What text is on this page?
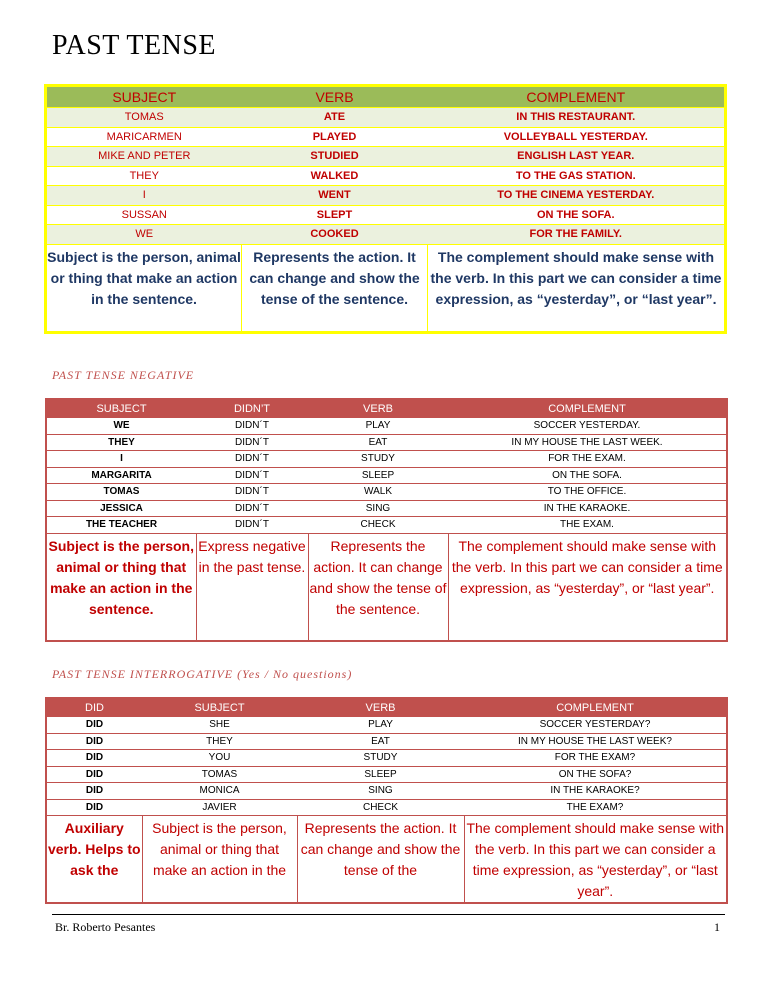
PAST TENSE
SUBJECT	VERB	COMPLEMENT
TOMAS	ATE	IN THIS RESTAURANT.
MARICARMEN	PLAYED	VOLLEYBALL YESTERDAY.
MIKE AND PETER	STUDIED	ENGLISH LAST YEAR.
THEY	WALKED	TO THE GAS STATION.
I	WENT	TO THE CINEMA YESTERDAY.
SUSSAN	SLEPT	ON THE SOFA.
WE	COOKED	FOR THE FAMILY.
Subject is the person, animal or thing that make an action in the sentence.	Represents the action. It can change and show the tense of the sentence.	The complement should make sense with the verb. In this part we can consider a time expression, as “yesterday”, or “last year”.
PAST TENSE NEGATIVE
SUBJECT	DIDN’T	VERB	COMPLEMENT
WE	DIDN´T	PLAY	SOCCER YESTERDAY.
THEY	DIDN´T	EAT	IN MY HOUSE THE LAST WEEK.
I	DIDN´T	STUDY	FOR THE EXAM.
MARGARITA	DIDN´T	SLEEP	ON THE SOFA.
TOMAS	DIDN´T	WALK	TO THE OFFICE.
JESSICA	DIDN´T	SING	IN THE KARAOKE.
THE TEACHER	DIDN´T	CHECK	THE EXAM.
Subject is the person, animal or thing that make an action in the sentence.	Express negative in the past tense.	Represents the action. It can change and show the tense of the sentence.	The complement should make sense with the verb. In this part we can consider a time expression, as “yesterday”, or “last year”.
PAST TENSE INTERROGATIVE (Yes / No questions)
DID	SUBJECT	VERB	COMPLEMENT
DID	SHE	PLAY	SOCCER YESTERDAY?
DID	THEY	EAT	IN MY HOUSE THE LAST WEEK?
DID	YOU	STUDY	FOR THE EXAM?
DID	TOMAS	SLEEP	ON THE SOFA?
DID	MONICA	SING	IN THE KARAOKE?
DID	JAVIER	CHECK	THE EXAM?
Auxiliary verb. Helps to ask the	Subject is the person, animal or thing that make an action in the	Represents the action. It can change and show the tense of the	The complement should make sense with the verb. In this part we can consider a time expression, as “yesterday”, or “last year”.
Br. Roberto Pesantes	1
